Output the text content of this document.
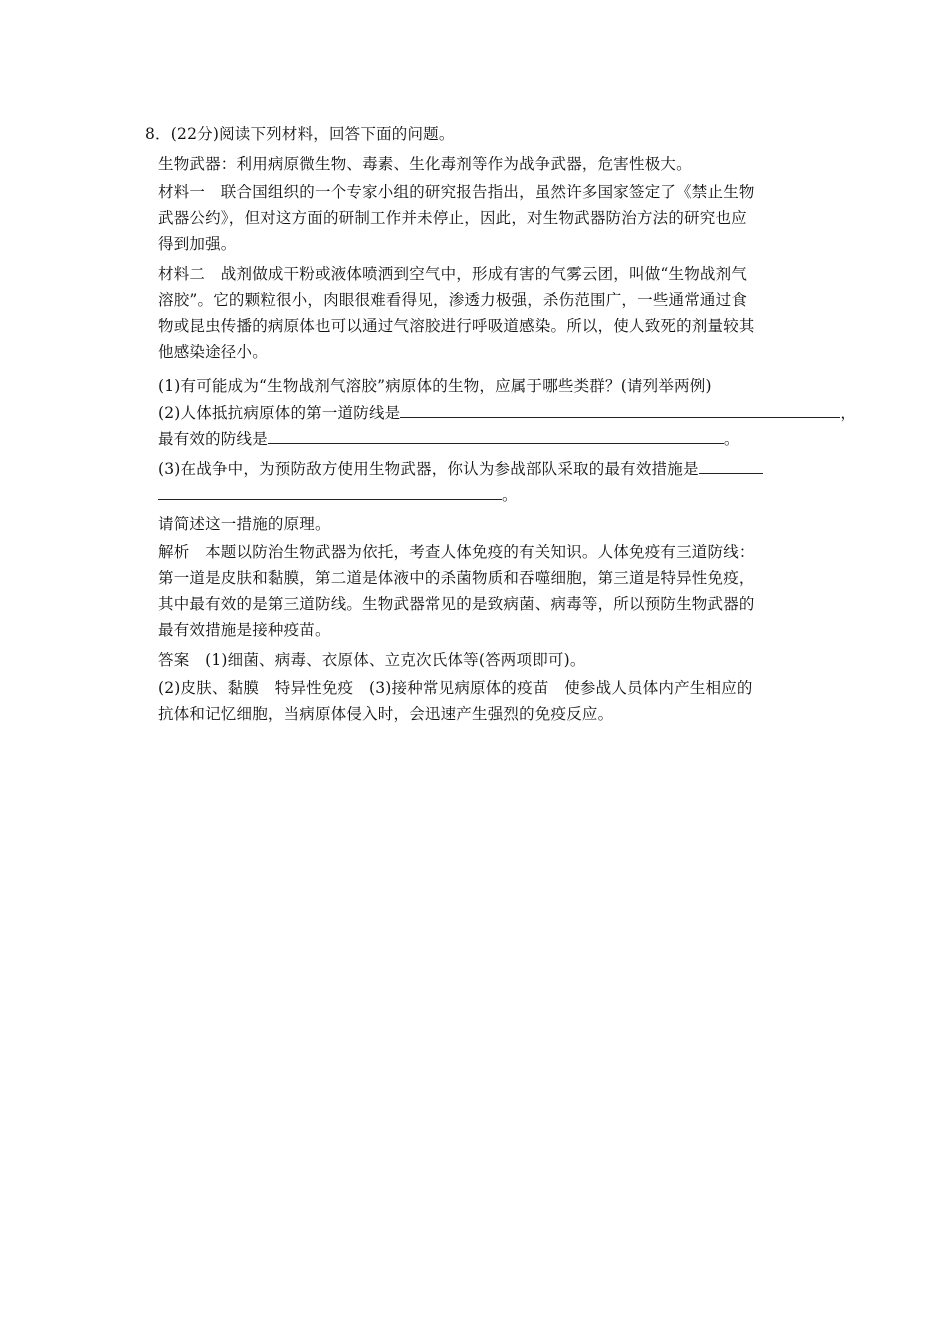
8．(22分)阅读下列材料，回答下面的问题。
生物武器：利用病原微生物、毒素、生化毒剂等作为战争武器，危害性极大。
材料一　联合国组织的一个专家小组的研究报告指出，虽然许多国家签定了《禁止生物
武器公约》，但对这方面的研制工作并未停止，因此，对生物武器防治方法的研究也应
得到加强。
材料二　战剂做成干粉或液体喷洒到空气中，形成有害的气雾云团，叫做“生物战剂气
溶胶”。它的颗粒很小，肉眼很难看得见，渗透力极强，杀伤范围广，一些通常通过食
物或昆虫传播的病原体也可以通过气溶胶进行呼吸道感染。所以，使人致死的剂量较其
他感染途径小。
(1)有可能成为“生物战剂气溶胶”病原体的生物，应属于哪些类群？(请列举两例)
(2)人体抵抗病原体的第一道防线是	，
最有效的防线是	。
(3)在战争中，为预防敌方使用生物武器，你认为参战部队采取的最有效措施是
。
请简述这一措施的原理。
解析　本题以防治生物武器为依托，考查人体免疫的有关知识。人体免疫有三道防线：
第一道是皮肤和黏膜，第二道是体液中的杀菌物质和吞噬细胞，第三道是特异性免疫，
其中最有效的是第三道防线。生物武器常见的是致病菌、病毒等，所以预防生物武器的
最有效措施是接种疫苗。
答案　(1)细菌、病毒、衣原体、立克次氏体等(答两项即可)。
(2)皮肤、黏膜　特异性免疫　(3)接种常见病原体的疫苗　使参战人员体内产生相应的
抗体和记忆细胞，当病原体侵入时，会迅速产生强烈的免疫反应。
